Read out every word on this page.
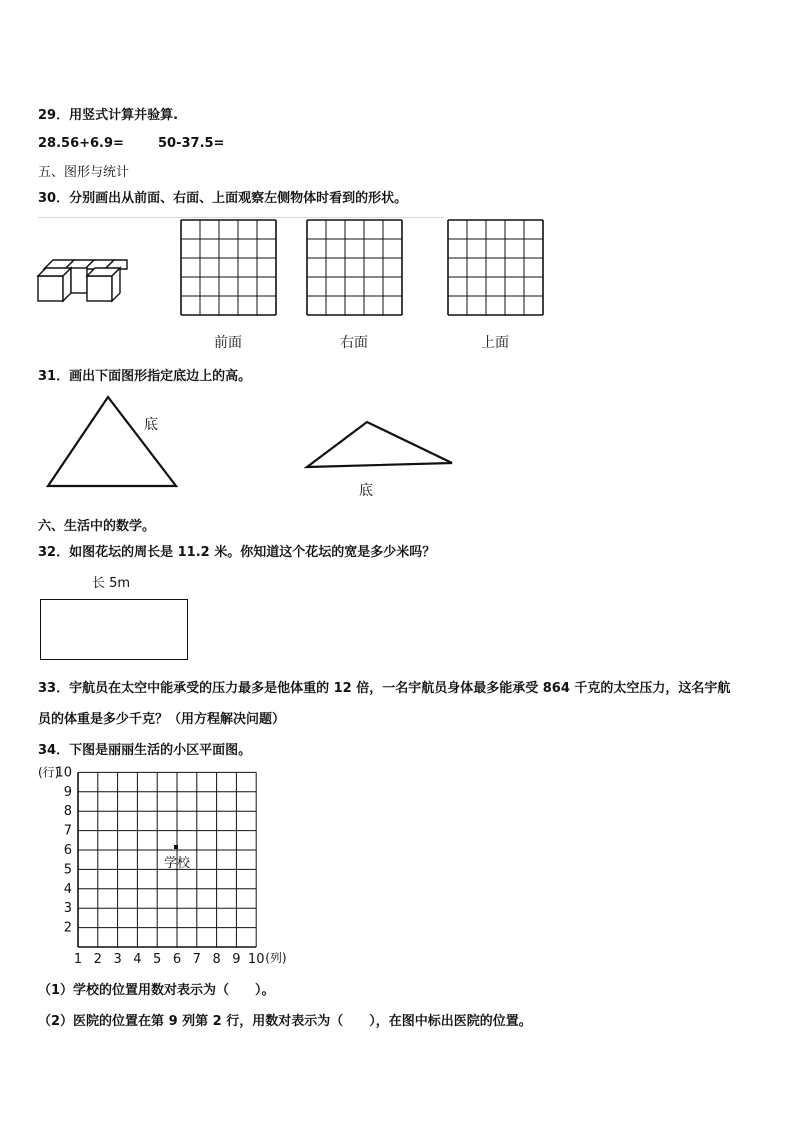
29．用竖式计算并验算.
28.56+6.9=	50-37.5=
五、图形与统计
30．分别画出从前面、右面、上面观察左侧物体时看到的形状。
前面	右面	上面
31．画出下面图形指定底边上的高。
底
底
六、生活中的数学。
32．如图花坛的周长是 11.2 米。你知道这个花坛的宽是多少米吗？
长 5m
33．宇航员在太空中能承受的压力最多是他体重的 12 倍，一名宇航员身体最多能承受 864 千克的太空压力，这名宇航
员的体重是多少千克？（用方程解决问题）
34．下图是丽丽生活的小区平面图。
2
3
4
5
6
7
8
9
10
(行)
1 2 3 4 5 6 7 8 9 10 (列)
学校
（1）学校的位置用数对表示为（　　）。
（2）医院的位置在第 9 列第 2 行，用数对表示为（　　），在图中标出医院的位置。
